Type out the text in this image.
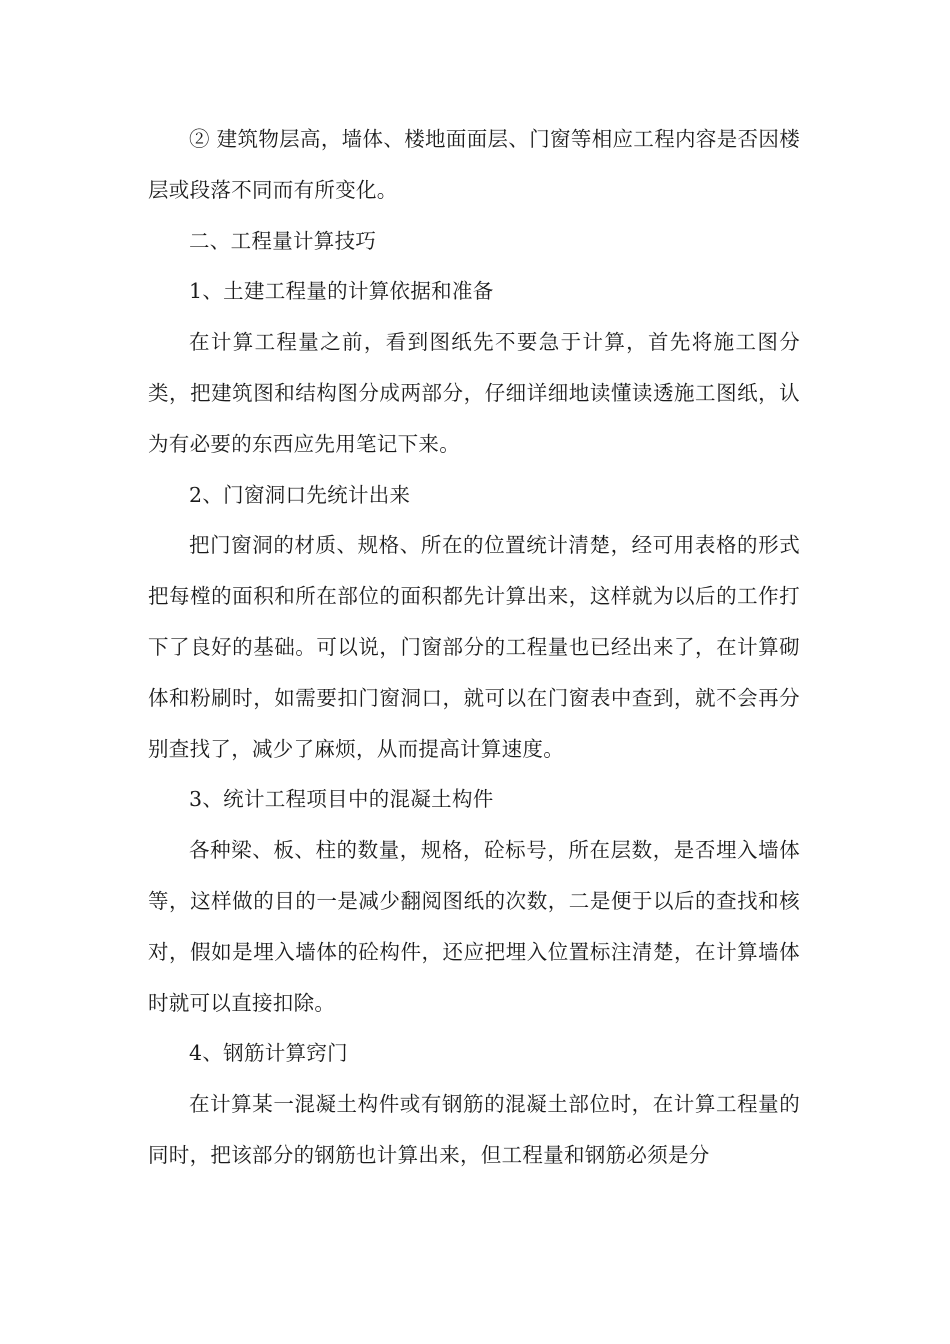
② 建筑物层高，墙体、楼地面面层、门窗等相应工程内容是否因楼层或段落不同而有所变化。

二、工程量计算技巧

1、土建工程量的计算依据和准备

在计算工程量之前，看到图纸先不要急于计算，首先将施工图分类，把建筑图和结构图分成两部分，仔细详细地读懂读透施工图纸，认为有必要的东西应先用笔记下来。

2、门窗洞口先统计出来

把门窗洞的材质、规格、所在的位置统计清楚，经可用表格的形式把每樘的面积和所在部位的面积都先计算出来，这样就为以后的工作打下了良好的基础。可以说，门窗部分的工程量也已经出来了，在计算砌体和粉刷时，如需要扣门窗洞口，就可以在门窗表中查到，就不会再分别查找了，减少了麻烦，从而提高计算速度。

3、统计工程项目中的混凝土构件

各种梁、板、柱的数量，规格，砼标号，所在层数，是否埋入墙体等，这样做的目的一是减少翻阅图纸的次数，二是便于以后的查找和核对，假如是埋入墙体的砼构件，还应把埋入位置标注清楚，在计算墙体时就可以直接扣除。

4、钢筋计算窍门

在计算某一混凝土构件或有钢筋的混凝土部位时，在计算工程量的同时，把该部分的钢筋也计算出来，但工程量和钢筋必须是分
